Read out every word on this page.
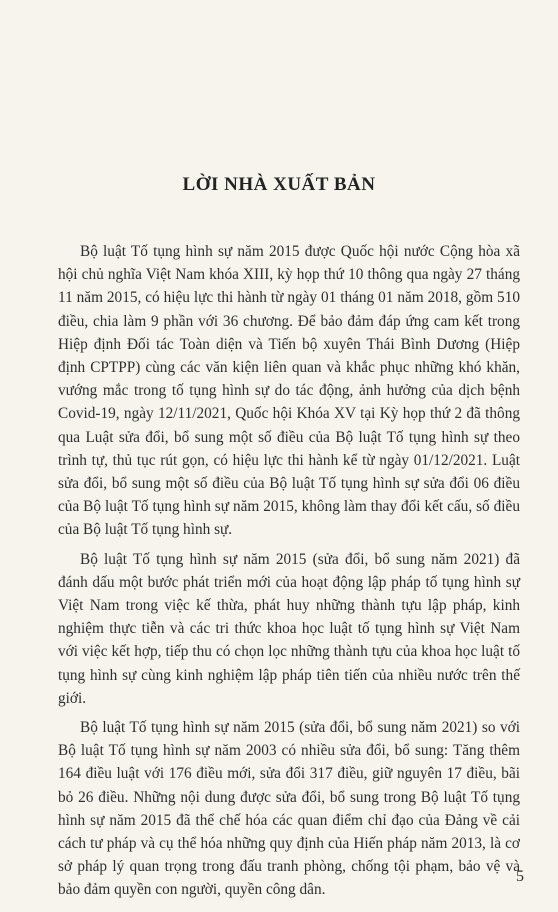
LỜI NHÀ XUẤT BẢN

Bộ luật Tố tụng hình sự năm 2015 được Quốc hội nước Cộng hòa xã hội chủ nghĩa Việt Nam khóa XIII, kỳ họp thứ 10 thông qua ngày 27 tháng 11 năm 2015, có hiệu lực thi hành từ ngày 01 tháng 01 năm 2018, gồm 510 điều, chia làm 9 phần với 36 chương. Để bảo đảm đáp ứng cam kết trong Hiệp định Đối tác Toàn diện và Tiến bộ xuyên Thái Bình Dương (Hiệp định CPTPP) cùng các văn kiện liên quan và khắc phục những khó khăn, vướng mắc trong tố tụng hình sự do tác động, ảnh hưởng của dịch bệnh Covid-19, ngày 12/11/2021, Quốc hội Khóa XV tại Kỳ họp thứ 2 đã thông qua Luật sửa đổi, bổ sung một số điều của Bộ luật Tố tụng hình sự theo trình tự, thủ tục rút gọn, có hiệu lực thi hành kể từ ngày 01/12/2021. Luật sửa đổi, bổ sung một số điều của Bộ luật Tố tụng hình sự sửa đổi 06 điều của Bộ luật Tố tụng hình sự năm 2015, không làm thay đổi kết cấu, số điều của Bộ luật Tố tụng hình sự.

Bộ luật Tố tụng hình sự năm 2015 (sửa đổi, bổ sung năm 2021) đã đánh dấu một bước phát triển mới của hoạt động lập pháp tố tụng hình sự Việt Nam trong việc kế thừa, phát huy những thành tựu lập pháp, kinh nghiệm thực tiễn và các tri thức khoa học luật tố tụng hình sự Việt Nam với việc kết hợp, tiếp thu có chọn lọc những thành tựu của khoa học luật tố tụng hình sự cùng kinh nghiệm lập pháp tiên tiến của nhiều nước trên thế giới.

Bộ luật Tố tụng hình sự năm 2015 (sửa đổi, bổ sung năm 2021) so với Bộ luật Tố tụng hình sự năm 2003 có nhiều sửa đổi, bổ sung: Tăng thêm 164 điều luật với 176 điều mới, sửa đổi 317 điều, giữ nguyên 17 điều, bãi bỏ 26 điều. Những nội dung được sửa đổi, bổ sung trong Bộ luật Tố tụng hình sự năm 2015 đã thể chế hóa các quan điểm chỉ đạo của Đảng về cải cách tư pháp và cụ thể hóa những quy định của Hiến pháp năm 2013, là cơ sở pháp lý quan trọng trong đấu tranh phòng, chống tội phạm, bảo vệ và bảo đảm quyền con người, quyền công dân.

5
